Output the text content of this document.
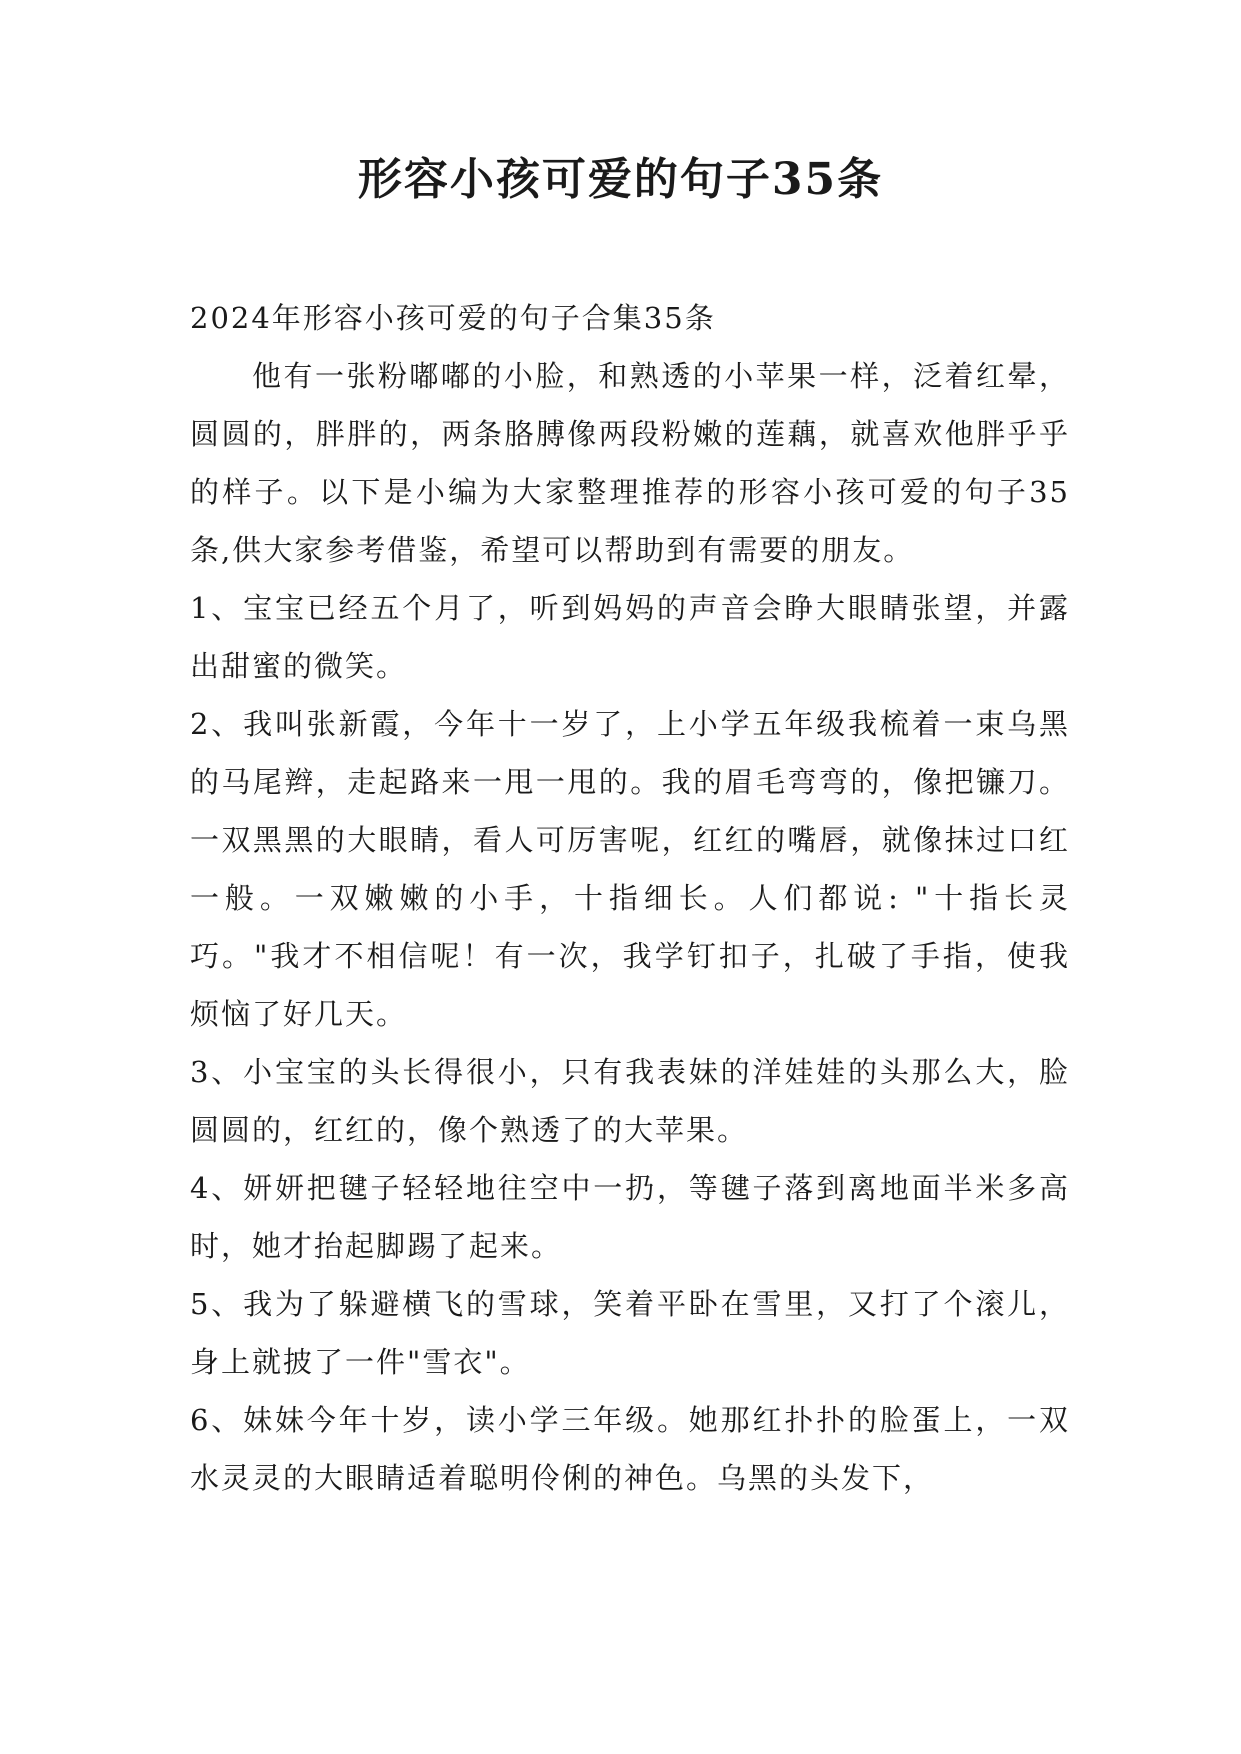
形容小孩可爱的句子35条

2024年形容小孩可爱的句子合集35条

他有一张粉嘟嘟的小脸，和熟透的小苹果一样，泛着红晕，圆圆的，胖胖的，两条胳膊像两段粉嫩的莲藕，就喜欢他胖乎乎的样子。以下是小编为大家整理推荐的形容小孩可爱的句子35条,供大家参考借鉴，希望可以帮助到有需要的朋友。

1、宝宝已经五个月了，听到妈妈的声音会睁大眼睛张望，并露出甜蜜的微笑。

2、我叫张新霞，今年十一岁了，上小学五年级我梳着一束乌黑的马尾辫，走起路来一甩一甩的。我的眉毛弯弯的，像把镰刀。一双黑黑的大眼睛，看人可厉害呢，红红的嘴唇，就像抹过口红一般。一双嫩嫩的小手，十指细长。人们都说: "十指长灵巧。"我才不相信呢！有一次，我学钉扣子，扎破了手指，使我烦恼了好几天。

3、小宝宝的头长得很小，只有我表妹的洋娃娃的头那么大，脸圆圆的，红红的，像个熟透了的大苹果。

4、妍妍把毽子轻轻地往空中一扔，等毽子落到离地面半米多高时，她才抬起脚踢了起来。

5、我为了躲避横飞的雪球，笑着平卧在雪里，又打了个滚儿，身上就披了一件"雪衣"。

6、妹妹今年十岁，读小学三年级。她那红扑扑的脸蛋上，一双水灵灵的大眼睛适着聪明伶俐的神色。乌黑的头发下，
